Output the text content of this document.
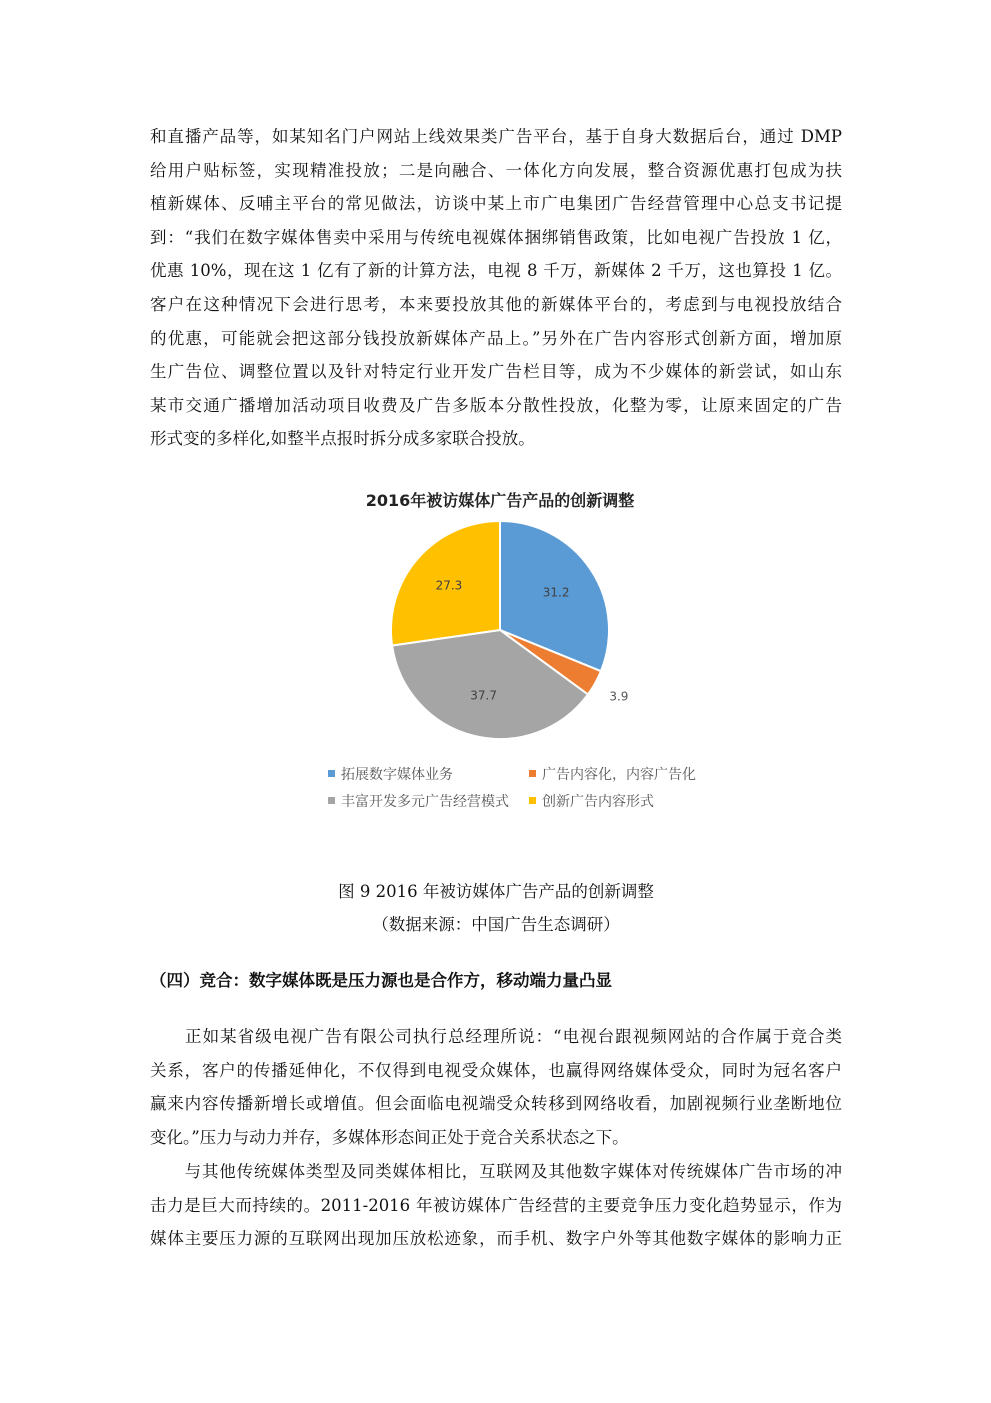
和直播产品等，如某知名门户网站上线效果类广告平台，基于自身大数据后台，通过 DMP
给用户贴标签，实现精准投放；二是向融合、一体化方向发展，整合资源优惠打包成为扶
植新媒体、反哺主平台的常见做法，访谈中某上市广电集团广告经营管理中心总支书记提
到：“我们在数字媒体售卖中采用与传统电视媒体捆绑销售政策，比如电视广告投放 1 亿，
优惠 10%，现在这 1 亿有了新的计算方法，电视 8 千万，新媒体 2 千万，这也算投 1 亿。
客户在这种情况下会进行思考，本来要投放其他的新媒体平台的，考虑到与电视投放结合
的优惠，可能就会把这部分钱投放新媒体产品上。”另外在广告内容形式创新方面，增加原
生广告位、调整位置以及针对特定行业开发广告栏目等，成为不少媒体的新尝试，如山东
某市交通广播增加活动项目收费及广告多版本分散性投放，化整为零，让原来固定的广告
形式变的多样化,如整半点报时拆分成多家联合投放。

2016年被访媒体广告产品的创新调整
31.2
3.9
37.7
27.3
拓展数字媒体业务	广告内容化，内容广告化
丰富开发多元广告经营模式	创新广告内容形式

图 9 2016 年被访媒体广告产品的创新调整

（数据来源：中国广告生态调研）

（四）竞合：数字媒体既是压力源也是合作方，移动端力量凸显

　　正如某省级电视广告有限公司执行总经理所说：“电视台跟视频网站的合作属于竞合类
关系，客户的传播延伸化，不仅得到电视受众媒体，也赢得网络媒体受众，同时为冠名客户
赢来内容传播新增长或增值。但会面临电视端受众转移到网络收看，加剧视频行业垄断地位
变化。”压力与动力并存，多媒体形态间正处于竞合关系状态之下。

　　与其他传统媒体类型及同类媒体相比，互联网及其他数字媒体对传统媒体广告市场的冲
击力是巨大而持续的。2011-2016 年被访媒体广告经营的主要竞争压力变化趋势显示，作为
媒体主要压力源的互联网出现加压放松迹象，而手机、数字户外等其他数字媒体的影响力正
